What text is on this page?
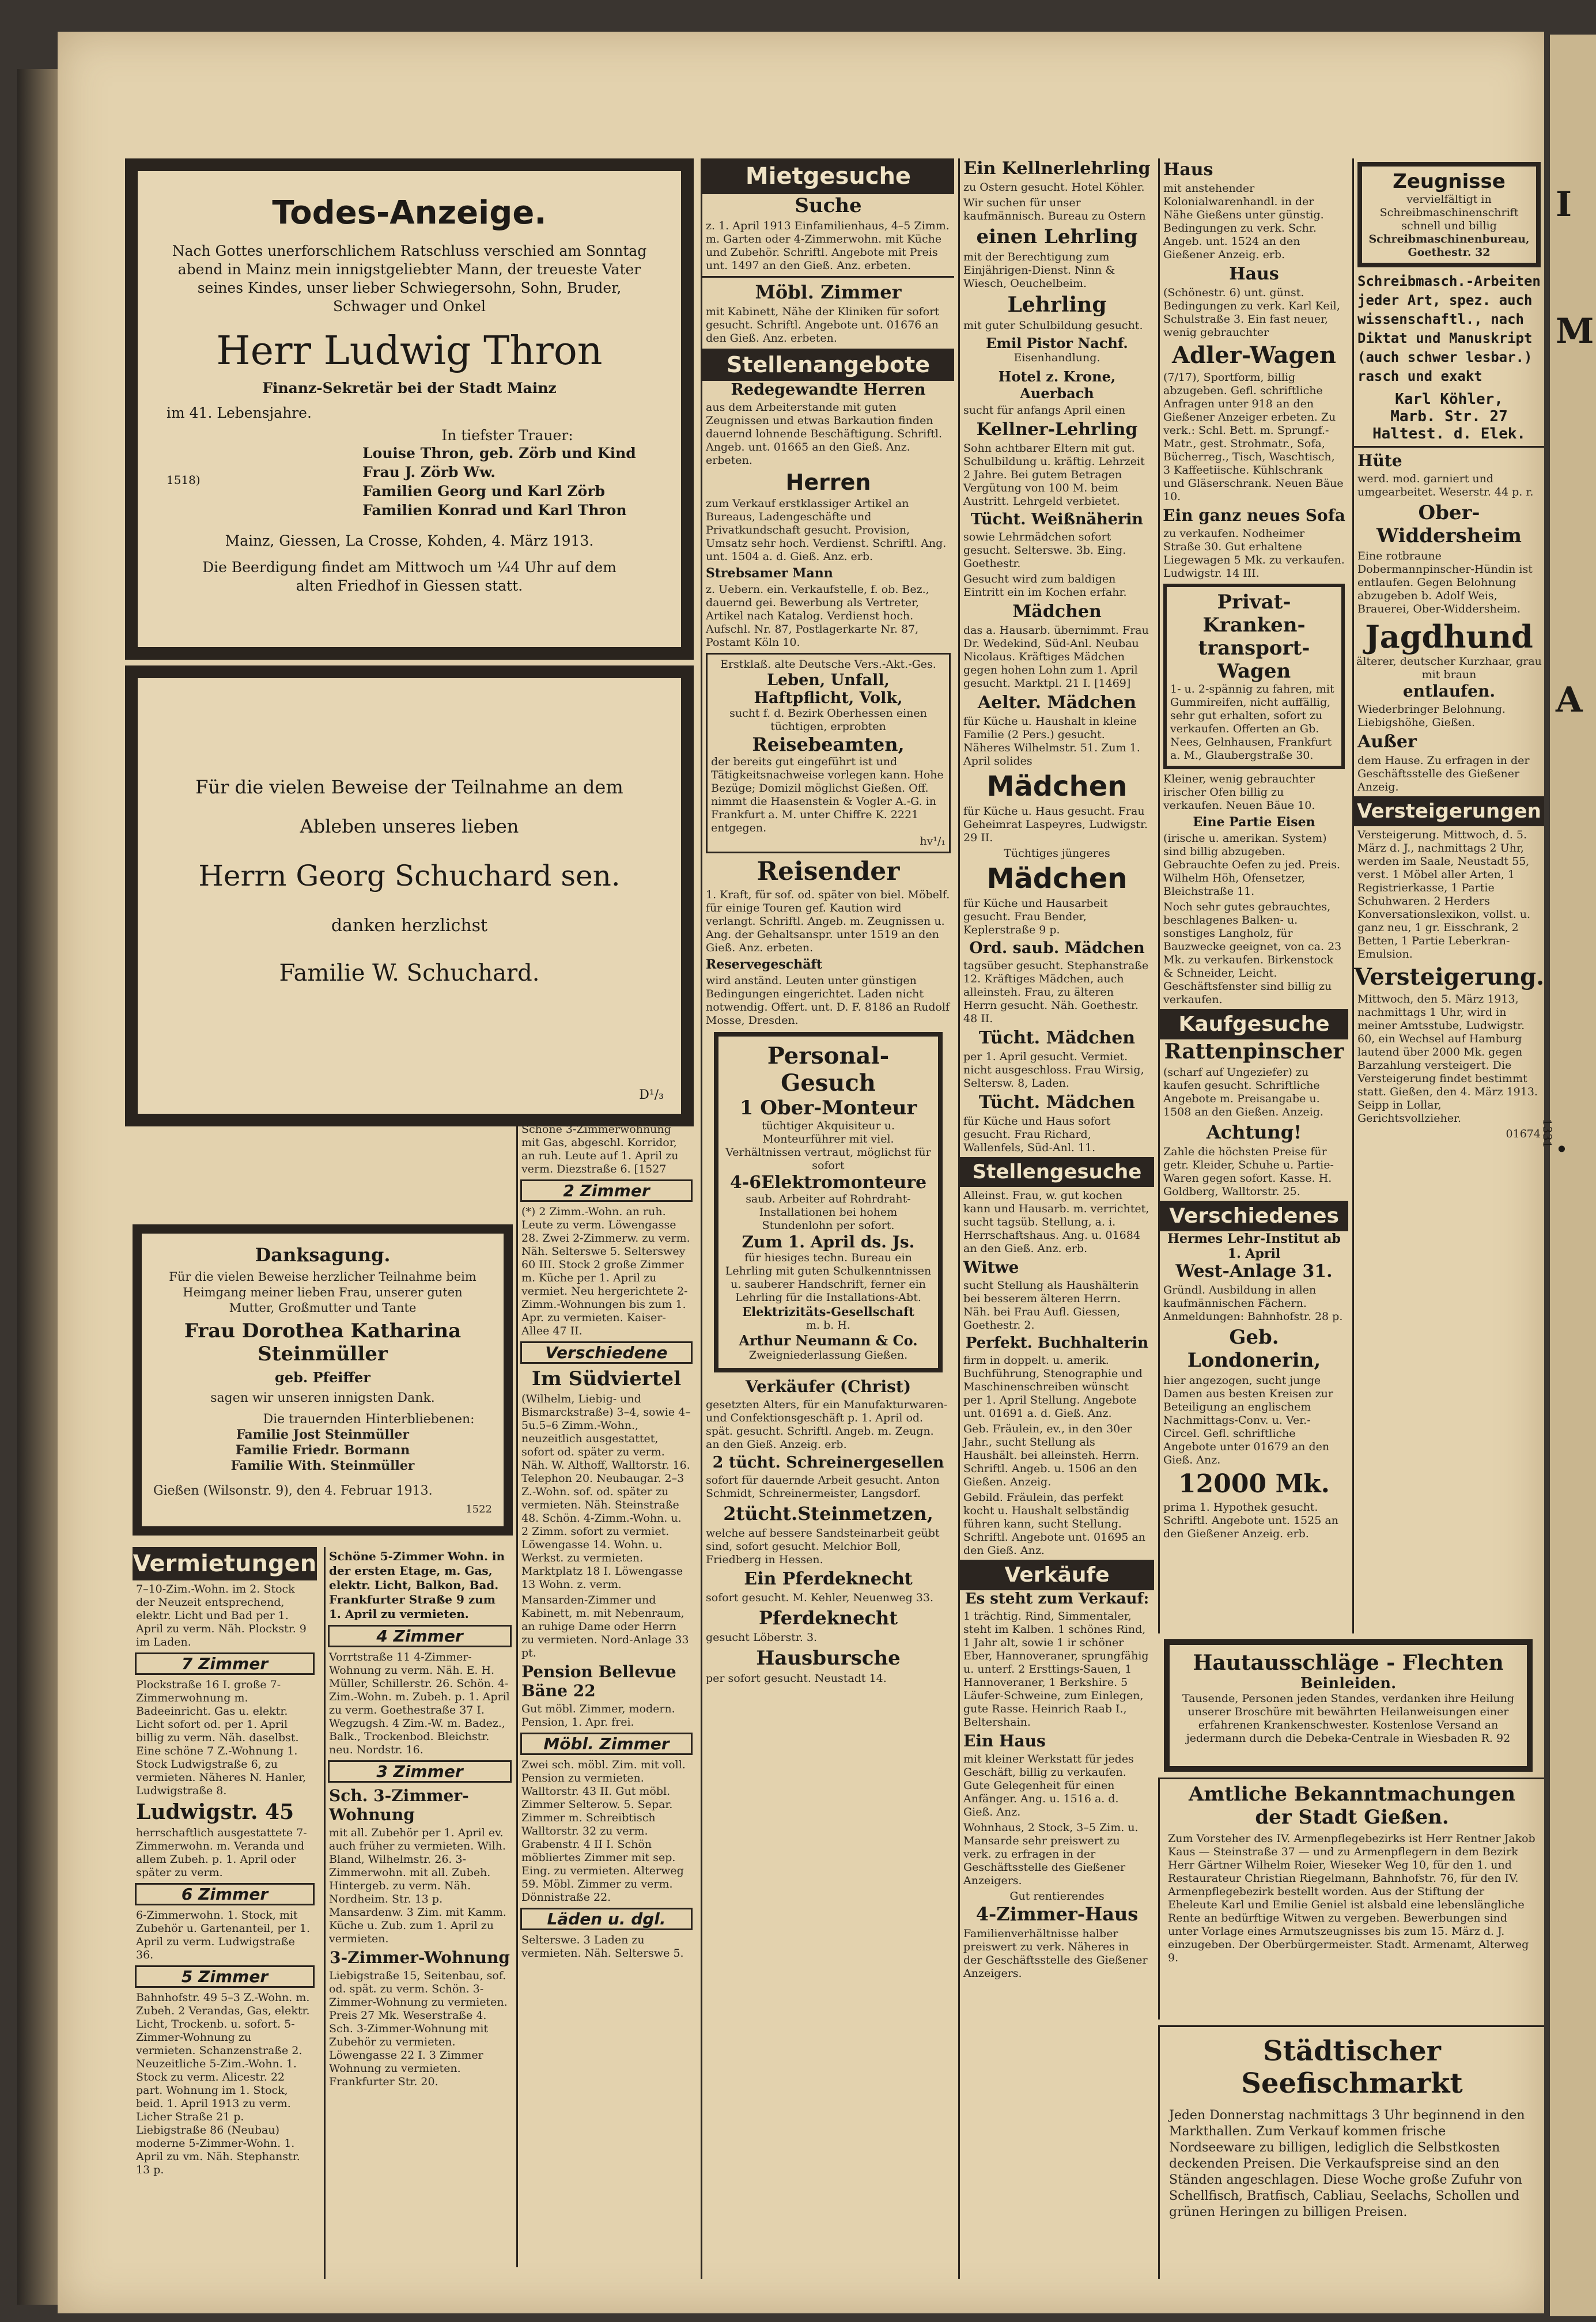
I
M
A
·
Todes-Anzeige.
Nach Gottes unerforschlichem Ratschluss verschied am Sonntag abend in Mainz mein innigstgeliebter Mann, der treueste Vater seines Kindes, unser lieber Schwiegersohn, Sohn, Bruder, Schwager und Onkel
Herr Ludwig Thron
Finanz-Sekretär bei der Stadt Mainz
im 41. Lebensjahre.
In tiefster Trauer:
Louise Thron, geb. Zörb und Kind
Frau J. Zörb Ww.
Familien Georg und Karl Zörb
Familien Konrad und Karl Thron
1518)
Mainz, Giessen, La Crosse, Kohden, 4. März 1913.
Die Beerdigung findet am Mittwoch um ¼4 Uhr auf dem alten Friedhof in Giessen statt.
Für die vielen Beweise der Teilnahme an dem
Ableben unseres lieben
Herrn Georg Schuchard sen.
danken herzlichst
Familie W. Schuchard.
D¹/₃
Danksagung.
Für die vielen Beweise herzlicher Teilnahme beim Heimgang meiner lieben Frau, unserer guten Mutter, Großmutter und Tante
Frau Dorothea Katharina Steinmüller
geb. Pfeiffer
sagen wir unseren innigsten Dank.
Die trauernden Hinterbliebenen:
Familie Jost Steinmüller
Familie Friedr. Bormann
Familie With. Steinmüller
Gießen (Wilsonstr. 9), den 4. Februar 1913.
1522
Schöne 3-Zimmerwohnung mit Gas, abgeschl. Korridor, an ruh. Leute auf 1. April zu verm. Diezstraße 6. [1527
2 Zimmer
(*) 2 Zimm.-Wohn. an ruh. Leute zu verm. Löwengasse 28. Zwei 2-Zimmerw. zu verm. Näh. Selterswe 5. Selterswey 60 III. Stock 2 große Zimmer m. Küche per 1. April zu vermiet. Neu hergerichtete 2-Zimm.-Wohnungen bis zum 1. Apr. zu vermieten. Kaiser-Allee 47 II.
Verschiedene
Im Südviertel
(Wilhelm, Liebig- und Bismarckstraße) 3–4, sowie 4–5u.5–6 Zimm.-Wohn., neuzeitlich ausgestattet, sofort od. später zu verm. Näh. W. Althoff, Walltorstr. 16. Telephon 20. Neubaugar. 2–3 Z.-Wohn. sof. od. später zu vermieten. Näh. Steinstraße 48. Schön. 4-Zimm.-Wohn. u. 2 Zimm. sofort zu vermiet. Löwengasse 14. Wohn. u. Werkst. zu vermieten. Marktplatz 18 I. Löwengasse 13 Wohn. z. verm.
Mansarden-Zimmer und Kabinett, m. mit Nebenraum, an ruhige Dame oder Herrn zu vermieten. Nord-Anlage 33 pt.
Pension Bellevue Bäne 22
Gut möbl. Zimmer, modern. Pension, 1. Apr. frei.
Möbl. Zimmer
Zwei sch. möbl. Zim. mit voll. Pension zu vermieten. Walltorstr. 43 II. Gut möbl. Zimmer Selterow. 5. Separ. Zimmer m. Schreibtisch Walltorstr. 32 zu verm. Grabenstr. 4 II I. Schön möbliertes Zimmer mit sep. Eing. zu vermieten. Alterweg 59. Möbl. Zimmer zu verm. Dönnistraße 22.
Läden u. dgl.
Selterswe. 3 Laden zu vermieten. Näh. Selterswe 5.
Vermietungen
7–10-Zim.-Wohn. im 2. Stock der Neuzeit entsprechend, elektr. Licht und Bad per 1. April zu verm. Näh. Plockstr. 9 im Laden.
7 Zimmer
Plockstraße 16 I. große 7-Zimmerwohnung m. Badeeinricht. Gas u. elektr. Licht sofort od. per 1. April billig zu verm. Näh. daselbst. Eine schöne 7 Z.-Wohnung 1. Stock Ludwigstraße 6, zu vermieten. Näheres N. Hanler, Ludwigstraße 8.
Ludwigstr. 45
herrschaftlich ausgestattete 7-Zimmerwohn. m. Veranda und allem Zubeh. p. 1. April oder später zu verm.
6 Zimmer
6-Zimmerwohn. 1. Stock, mit Zubehör u. Gartenanteil, per 1. April zu verm. Ludwigstraße 36.
5 Zimmer
Bahnhofstr. 49 5–3 Z.-Wohn. m. Zubeh. 2 Verandas, Gas, elektr. Licht, Trockenb. u. sofort. 5-Zimmer-Wohnung zu vermieten. Schanzenstraße 2. Neuzeitliche 5-Zim.-Wohn. 1. Stock zu verm. Alicestr. 22 part. Wohnung im 1. Stock, beid. 1. April 1913 zu verm. Licher Straße 21 p. Liebigstraße 86 (Neubau) moderne 5-Zimmer-Wohn. 1. April zu vm. Näh. Stephanstr. 13 p.
Schöne 5-Zimmer Wohn. in der ersten Etage, m. Gas, elektr. Licht, Balkon, Bad. Frankfurter Straße 9 zum 1. April zu vermieten.
4 Zimmer
Vorrtstraße 11 4-Zimmer-Wohnung zu verm. Näh. E. H. Müller, Schillerstr. 26. Schön. 4-Zim.-Wohn. m. Zubeh. p. 1. April zu verm. Goethestraße 37 I. Wegzugsh. 4 Zim.-W. m. Badez., Balk., Trockenbod. Bleichstr. neu. Nordstr. 16.
3 Zimmer
Sch. 3-Zimmer-Wohnung
mit all. Zubehör per 1. April ev. auch früher zu vermieten. Wilh. Bland, Wilhelmstr. 26. 3-Zimmerwohn. mit all. Zubeh. Hintergeb. zu verm. Näh. Nordheim. Str. 13 p. Mansardenw. 3 Zim. mit Kamm. Küche u. Zub. zum 1. April zu vermieten.
3-Zimmer-Wohnung
Liebigstraße 15, Seitenbau, sof. od. spät. zu verm. Schön. 3-Zimmer-Wohnung zu vermieten. Preis 27 Mk. Weserstraße 4. Sch. 3-Zimmer-Wohnung mit Zubehör zu vermieten. Löwengasse 22 I. 3 Zimmer Wohnung zu vermieten. Frankfurter Str. 20.
Mietgesuche
Suche
z. 1. April 1913 Einfamilienhaus, 4–5 Zimm. m. Garten oder 4-Zimmerwohn. mit Küche und Zubehör. Schriftl. Angebote mit Preis unt. 1497 an den Gieß. Anz. erbeten.
Möbl. Zimmer
mit Kabinett, Nähe der Kliniken für sofort gesucht. Schriftl. Angebote unt. 01676 an den Gieß. Anz. erbeten.
Stellenangebote
Redegewandte Herren
aus dem Arbeiterstande mit guten Zeugnissen und etwas Barkaution finden dauernd lohnende Beschäftigung. Schriftl. Angeb. unt. 01665 an den Gieß. Anz. erbeten.
Herren
zum Verkauf erstklassiger Artikel an Bureaus, Ladengeschäfte und Privatkundschaft gesucht. Provision, Umsatz sehr hoch. Verdienst. Schriftl. Ang. unt. 1504 a. d. Gieß. Anz. erb.
Strebsamer Mann
z. Uebern. ein. Verkaufstelle, f. ob. Bez., dauernd gei. Bewerbung als Vertreter, Artikel nach Katalog. Verdienst hoch. Aufschl. Nr. 87, Postlagerkarte Nr. 87, Postamt Köln 10.
Erstklaß. alte Deutsche Vers.-Akt.-Ges.
Leben, Unfall,
Haftpflicht, Volk,
sucht f. d. Bezirk Oberhessen einen tüchtigen, erprobten
Reisebeamten,
der bereits gut eingeführt ist und Tätigkeitsnachweise vorlegen kann. Hohe Bezüge; Domizil möglichst Gießen. Off. nimmt die Haasenstein & Vogler A.-G. in Frankfurt a. M. unter Chiffre K. 2221 entgegen.
hv¹/₁
Reisender
1. Kraft, für sof. od. später von biel. Möbelf. für einige Touren gef. Kaution wird verlangt. Schriftl. Angeb. m. Zeugnissen u. Ang. der Gehaltsanspr. unter 1519 an den Gieß. Anz. erbeten.
Reservegeschäft
wird anständ. Leuten unter günstigen Bedingungen eingerichtet. Laden nicht notwendig. Offert. unt. D. F. 8186 an Rudolf Mosse, Dresden.
Personal-Gesuch
1 Ober-Monteur
tüchtiger Akquisiteur u. Monteurführer mit viel. Verhältnissen vertraut, möglichst für sofort
4-6Elektromonteure
saub. Arbeiter auf Rohrdraht-Installationen bei hohem Stundenlohn per sofort.
Zum 1. April ds. Js.
für hiesiges techn. Bureau ein Lehrling mit guten Schulkenntnissen u. sauberer Handschrift, ferner ein Lehrling für die Installations-Abt.
Elektrizitäts-Gesellschaft
m. b. H.
Arthur Neumann & Co.
Zweigniederlassung Gießen.
Verkäufer (Christ)
gesetzten Alters, für ein Manufakturwaren- und Confektionsgeschäft p. 1. April od. spät. gesucht. Schriftl. Angeb. m. Zeugn. an den Gieß. Anzeig. erb.
2 tücht. Schreinergesellen
sofort für dauernde Arbeit gesucht. Anton Schmidt, Schreinermeister, Langsdorf.
2tücht.Steinmetzen,
welche auf bessere Sandsteinarbeit geübt sind, sofort gesucht. Melchior Boll, Friedberg in Hessen.
Ein Pferdeknecht
sofort gesucht. M. Kehler, Neuenweg 33.
Pferdeknecht
gesucht Löberstr. 3.
Hausbursche
per sofort gesucht. Neustadt 14.
Ein Kellnerlehrling
zu Ostern gesucht. Hotel Köhler.
Wir suchen für unser kaufmännisch. Bureau zu Ostern
einen Lehrling
mit der Berechtigung zum Einjährigen-Dienst. Ninn & Wiesch, Oeuchelbeim.
Lehrling
mit guter Schulbildung gesucht.
Emil Pistor Nachf.
Eisenhandlung.
Hotel z. Krone, Auerbach
sucht für anfangs April einen
Kellner-Lehrling
Sohn achtbarer Eltern mit gut. Schulbildung u. kräftig. Lehrzeit 2 Jahre. Bei gutem Betragen Vergütung von 100 M. beim Austritt. Lehrgeld verbietet.
Tücht. Weißnäherin
sowie Lehrmädchen sofort gesucht. Selterswe. 3b. Eing. Goethestr.
Gesucht wird zum baldigen Eintritt ein im Kochen erfahr.
Mädchen
das a. Hausarb. übernimmt. Frau Dr. Wedekind, Süd-Anl. Neubau Nicolaus. Kräftiges Mädchen gegen hohen Lohn zum 1. April gesucht. Marktpl. 21 I. [1469]
Aelter. Mädchen
für Küche u. Haushalt in kleine Familie (2 Pers.) gesucht. Näheres Wilhelmstr. 51. Zum 1. April solides
Mädchen
für Küche u. Haus gesucht. Frau Geheimrat Laspeyres, Ludwigstr. 29 II.
Tüchtiges jüngeres
Mädchen
für Küche und Hausarbeit gesucht. Frau Bender, Keplerstraße 9 p.
Ord. saub. Mädchen
tagsüber gesucht. Stephanstraße 12. Kräftiges Mädchen, auch alleinsteh. Frau, zu älteren Herrn gesucht. Näh. Goethestr. 48 II.
Tücht. Mädchen
per 1. April gesucht. Vermiet. nicht ausgeschloss. Frau Wirsig, Seltersw. 8, Laden.
Tücht. Mädchen
für Küche und Haus sofort gesucht. Frau Richard, Wallenfels, Süd-Anl. 11.
Stellengesuche
Alleinst. Frau, w. gut kochen kann und Hausarb. m. verrichtet, sucht tagsüb. Stellung, a. i. Herrschaftshaus. Ang. u. 01684 an den Gieß. Anz. erb.
Witwe
sucht Stellung als Haushälterin bei besserem älteren Herrn. Näh. bei Frau Aufl. Giessen, Goethestr. 2.
Perfekt. Buchhalterin
firm in doppelt. u. amerik. Buchführung, Stenographie und Maschinenschreiben wünscht per 1. April Stellung. Angebote unt. 01691 a. d. Gieß. Anz.
Geb. Fräulein, ev., in den 30er Jahr., sucht Stellung als Haushält. bei alleinsteh. Herrn. Schriftl. Angeb. u. 1506 an den Gießen. Anzeig.
Gebild. Fräulein, das perfekt kocht u. Haushalt selbständig führen kann, sucht Stellung. Schriftl. Angebote unt. 01695 an den Gieß. Anz.
Verkäufe
Es steht zum Verkauf:
1 trächtig. Rind, Simmentaler, steht im Kalben. 1 schönes Rind, 1 Jahr alt, sowie 1 ir schöner Eber, Hannoveraner, sprungfähig u. unterf. 2 Ersttings-Sauen, 1 Hannoveraner, 1 Berkshire. 5 Läufer-Schweine, zum Einlegen, gute Rasse. Heinrich Raab I., Beltershain.
Ein Haus
mit kleiner Werkstatt für jedes Geschäft, billig zu verkaufen. Gute Gelegenheit für einen Anfänger. Ang. u. 1516 a. d. Gieß. Anz.
Wohnhaus, 2 Stock, 3–5 Zim. u. Mansarde sehr preiswert zu verk. zu erfragen in der Geschäftsstelle des Gießener Anzeigers.
Gut rentierendes
4-Zimmer-Haus
Familienverhältnisse halber preiswert zu verk. Näheres in der Geschäftsstelle des Gießener Anzeigers.
Haus
mit anstehender Kolonialwarenhandl. in der Nähe Gießens unter günstig. Bedingungen zu verk. Schr. Angeb. unt. 1524 an den Gießener Anzeig. erb.
Haus
(Schönestr. 6) unt. günst. Bedingungen zu verk. Karl Keil, Schulstraße 3. Ein fast neuer, wenig gebrauchter
Adler-Wagen
(7/17), Sportform, billig abzugeben. Gefl. schriftliche Anfragen unter 918 an den Gießener Anzeiger erbeten. Zu verk.: Schl. Bett. m. Sprungf.-Matr., gest. Strohmatr., Sofa, Bücherreg., Tisch, Waschtisch, 3 Kaffeetiische. Kühlschrank und Gläserschrank. Neuen Bäue 10.
Ein ganz neues Sofa
zu verkaufen. Nodheimer Straße 30. Gut erhaltene Liegewagen 5 Mk. zu verkaufen. Ludwigstr. 14 III.
Privat-Kranken-transport-Wagen
1- u. 2-spännig zu fahren, mit Gummireifen, nicht auffällig, sehr gut erhalten, sofort zu verkaufen. Offerten an Gb. Nees, Gelnhausen, Frankfurt a. M., Glaubergstraße 30.
Kleiner, wenig gebrauchter irischer Ofen billig zu verkaufen. Neuen Bäue 10.
Eine Partie Eisen
(irische u. amerikan. System) sind billig abzugeben. Gebrauchte Oefen zu jed. Preis. Wilhelm Höh, Ofensetzer, Bleichstraße 11.
Noch sehr gutes gebrauchtes, beschlagenes Balken- u. sonstiges Langholz, für Bauzwecke geeignet, von ca. 23 Mk. zu verkaufen. Birkenstock & Schneider, Leicht. Geschäftsfenster sind billig zu verkaufen.
Kaufgesuche
Rattenpinscher
(scharf auf Ungeziefer) zu kaufen gesucht. Schriftliche Angebote m. Preisangabe u. 1508 an den Gießen. Anzeig.
Achtung!
Zahle die höchsten Preise für getr. Kleider, Schuhe u. Partie-Waren gegen sofort. Kasse. H. Goldberg, Walltorstr. 25.
Verschiedenes
Hermes Lehr-Institut ab 1. April
West-Anlage 31.
Gründl. Ausbildung in allen kaufmännischen Fächern. Anmeldungen: Bahnhofstr. 28 p.
Geb. Londonerin,
hier angezogen, sucht junge Damen aus besten Kreisen zur Beteiligung an englischem Nachmittags-Conv. u. Ver.-Circel. Gefl. schriftliche Angebote unter 01679 an den Gieß. Anz.
12000 Mk.
prima 1. Hypothek gesucht. Schriftl. Angebote unt. 1525 an den Gießener Anzeig. erb.
Zeugnisse
vervielfältigt in Schreibmaschinenschrift schnell und billig
Schreibmaschinenbureau, Goethestr. 32
Schreibmasch.-Arbeiten jeder Art, spez. auch wissenschaftl., nach Diktat und Manuskript (auch schwer lesbar.) rasch und exakt
Karl Köhler,
Marb. Str. 27
Haltest. d. Elek.
Hüte
werd. mod. garniert und umgearbeitet. Weserstr. 44 p. r.
Ober-Widdersheim
Eine rotbraune Dobermannpinscher-Hündin ist entlaufen. Gegen Belohnung abzugeben b. Adolf Weis, Brauerei, Ober-Widdersheim.
Jagdhund
älterer, deutscher Kurzhaar, grau mit braun
entlaufen.
Wiederbringer Belohnung. Liebigshöhe, Gießen.
Außer
dem Hause. Zu erfragen in der Geschäftsstelle des Gießener Anzeig.
Versteigerungen
Versteigerung. Mittwoch, d. 5. März d. J., nachmittags 2 Uhr, werden im Saale, Neustadt 55, verst. 1 Möbel aller Arten, 1 Registrierkasse, 1 Partie Schuhwaren. 2 Herders Konversationslexikon, vollst. u. ganz neu, 1 gr. Eisschrank, 2 Betten, 1 Partie Leberkran-Emulsion.
Versteigerung.
Mittwoch, den 5. März 1913, nachmittags 1 Uhr, wird in meiner Amtsstube, Ludwigstr. 60, ein Wechsel auf Hamburg lautend über 2000 Mk. gegen Barzahlung versteigert. Die Versteigerung findet bestimmt statt. Gießen, den 4. März 1913. Seipp in Lollar, Gerichtsvollzieher.
01674
Hautausschläge - Flechten
Beinleiden.
Tausende, Personen jeden Standes, verdanken ihre Heilung unserer Broschüre mit bewährten Heilanweisungen einer erfahrenen Krankenschwester. Kostenlose Versand an jedermann durch die Debeka-Centrale in Wiesbaden R. 92
Amtliche Bekanntmachungen der Stadt Gießen.
Zum Vorsteher des IV. Armenpflegebezirks ist Herr Rentner Jakob Kaus — Steinstraße 37 — und zu Armenpflegern in dem Bezirk Herr Gärtner Wilhelm Roier, Wieseker Weg 10, für den 1. und Restaurateur Christian Riegelmann, Bahnhofstr. 76, für den IV. Armenpflegebezirk bestellt worden. Aus der Stiftung der Eheleute Karl und Emilie Geniel ist alsbald eine lebenslängliche Rente an bedürftige Witwen zu vergeben. Bewerbungen sind unter Vorlage eines Armutszeugnisses bis zum 15. März d. J. einzugeben. Der Oberbürgermeister. Stadt. Armenamt, Alterweg 9.
Städtischer Seefischmarkt
Jeden Donnerstag nachmittags 3 Uhr beginnend in den Markthallen. Zum Verkauf kommen frische Nordseeware zu billigen, lediglich die Selbstkosten deckenden Preisen. Die Verkaufspreise sind an den Ständen angeschlagen. Diese Woche große Zufuhr von Schellfisch, Bratfisch, Cabliau, Seelachs, Schollen und grünen Heringen zu billigen Preisen.
1331
